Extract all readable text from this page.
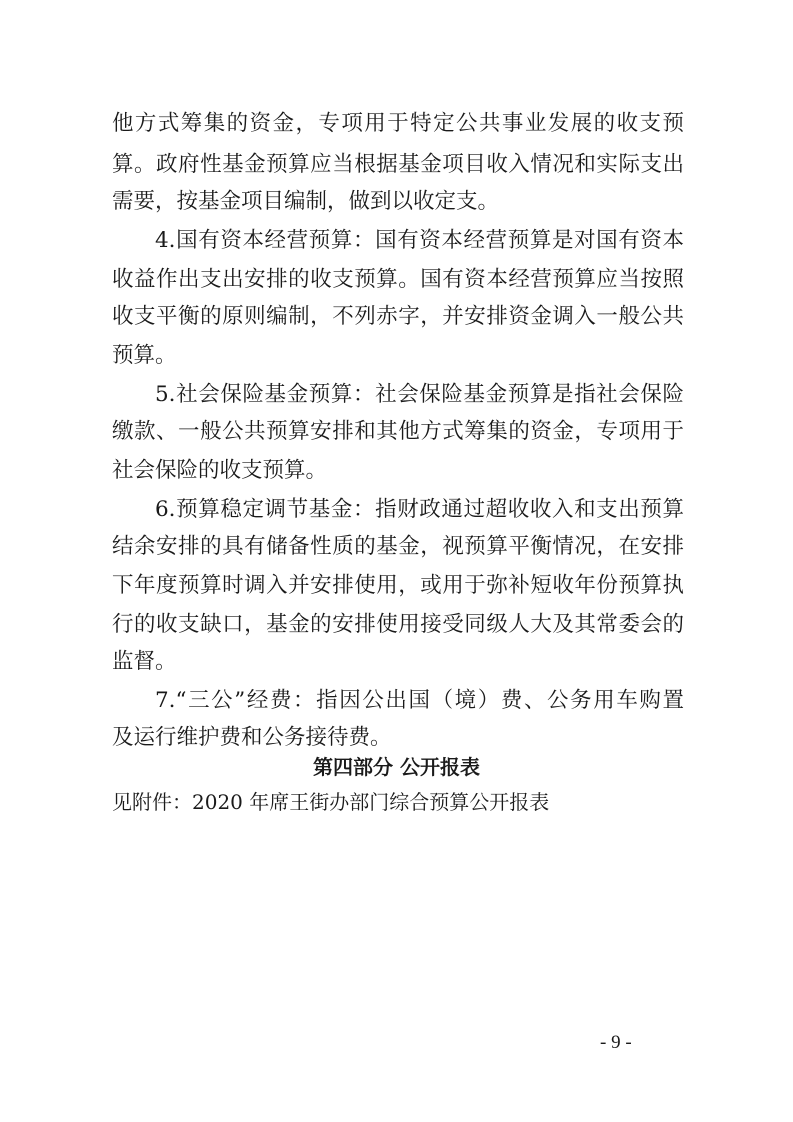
他方式筹集的资金，专项用于特定公共事业发展的收支预
算。政府性基金预算应当根据基金项目收入情况和实际支出
需要，按基金项目编制，做到以收定支。
4.国有资本经营预算：国有资本经营预算是对国有资本
收益作出支出安排的收支预算。国有资本经营预算应当按照
收支平衡的原则编制，不列赤字，并安排资金调入一般公共
预算。
5.社会保险基金预算：社会保险基金预算是指社会保险
缴款、一般公共预算安排和其他方式筹集的资金，专项用于
社会保险的收支预算。
6.预算稳定调节基金：指财政通过超收收入和支出预算
结余安排的具有储备性质的基金，视预算平衡情况，在安排
下年度预算时调入并安排使用，或用于弥补短收年份预算执
行的收支缺口，基金的安排使用接受同级人大及其常委会的
监督。
7.“三公”经费：指因公出国（境）费、公务用车购置
及运行维护费和公务接待费。
第四部分 公开报表
见附件：2020 年席王街办部门综合预算公开报表
- 9 -
